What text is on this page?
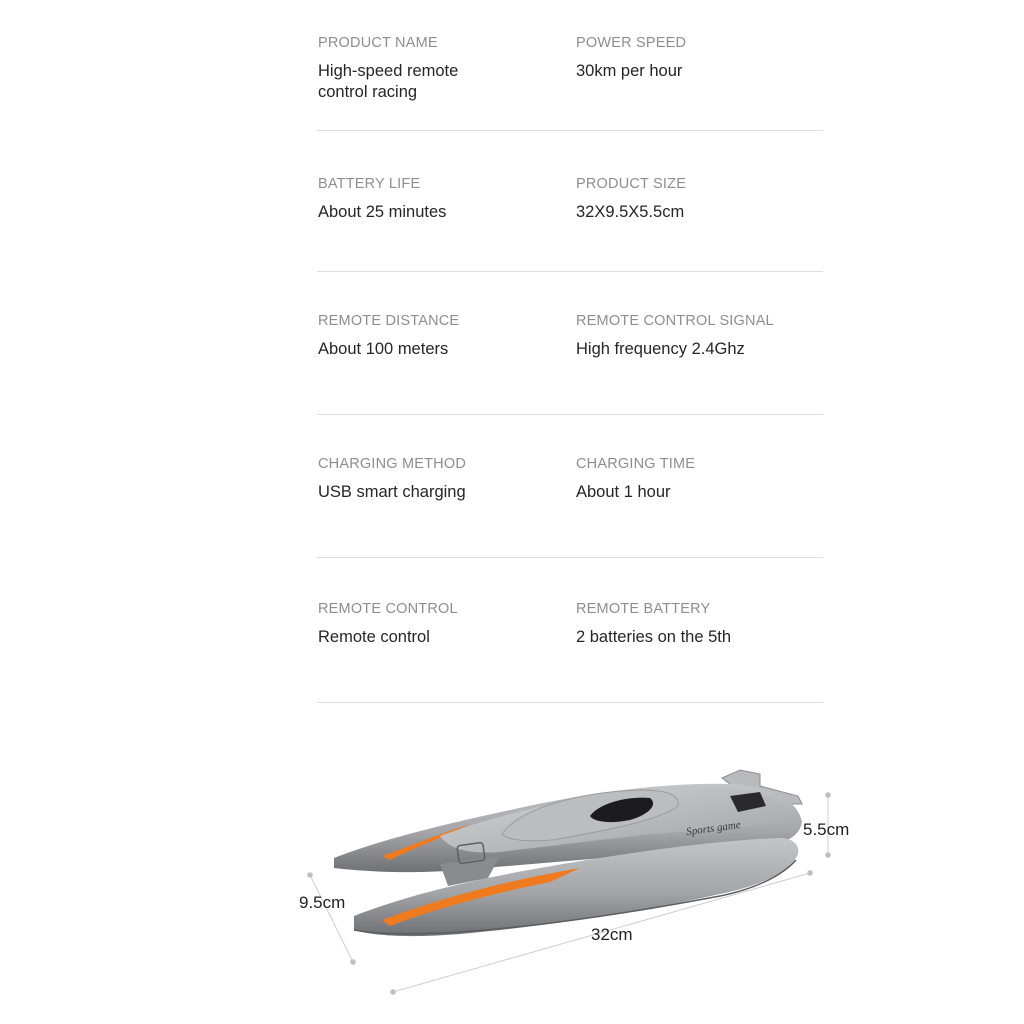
PRODUCT NAME
High-speed remote control racing
POWER SPEED
30km per hour
BATTERY LIFE
About 25 minutes
PRODUCT SIZE
32X9.5X5.5cm
REMOTE DISTANCE
About 100 meters
REMOTE CONTROL SIGNAL
High frequency 2.4Ghz
CHARGING METHOD
USB smart charging
CHARGING TIME
About 1 hour
REMOTE CONTROL
Remote control
REMOTE BATTERY
2 batteries on the 5th
Sports game	5.5cm
9.5cm
32cm
